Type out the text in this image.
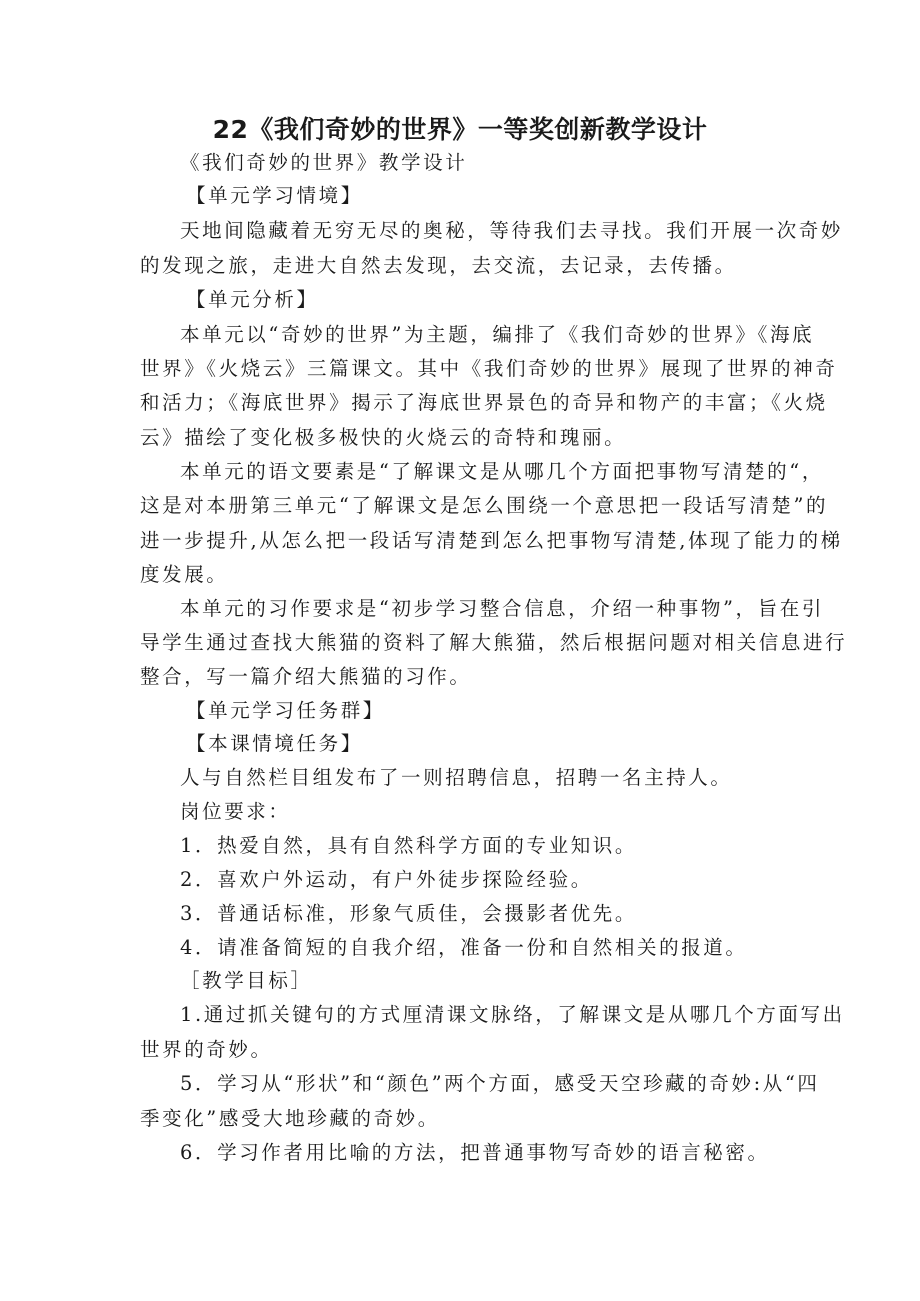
22《我们奇妙的世界》一等奖创新教学设计
《我们奇妙的世界》教学设计
【单元学习情境】
天地间隐藏着无穷无尽的奥秘，等待我们去寻找。我们开展一次奇妙
的发现之旅，走进大自然去发现，去交流，去记录，去传播。
【单元分析】
本单元以“奇妙的世界”为主题，编排了《我们奇妙的世界》《海底
世界》《火烧云》三篇课文。其中《我们奇妙的世界》展现了世界的神奇
和活力；《海底世界》揭示了海底世界景色的奇异和物产的丰富；《火烧
云》描绘了变化极多极快的火烧云的奇特和瑰丽。
本单元的语文要素是“了解课文是从哪几个方面把事物写清楚的“，
这是对本册第三单元“了解课文是怎么围绕一个意思把一段话写清楚”的
进一步提升,从怎么把一段话写清楚到怎么把事物写清楚,体现了能力的梯
度发展。
本单元的习作要求是“初步学习整合信息，介绍一种事物”，旨在引
导学生通过查找大熊猫的资料了解大熊猫，然后根据问题对相关信息进行
整合，写一篇介绍大熊猫的习作。
【单元学习任务群】
【本课情境任务】
人与自然栏目组发布了一则招聘信息，招聘一名主持人。
岗位要求：
1．热爱自然，具有自然科学方面的专业知识。
2．喜欢户外运动，有户外徒步探险经验。
3．普通话标准，形象气质佳，会摄影者优先。
4．请准备简短的自我介绍，准备一份和自然相关的报道。
［教学目标］
1.通过抓关键句的方式厘清课文脉络，了解课文是从哪几个方面写出
世界的奇妙。
5．学习从“形状”和“颜色”两个方面，感受天空珍藏的奇妙:从“四
季变化”感受大地珍藏的奇妙。
6．学习作者用比喻的方法，把普通事物写奇妙的语言秘密。
